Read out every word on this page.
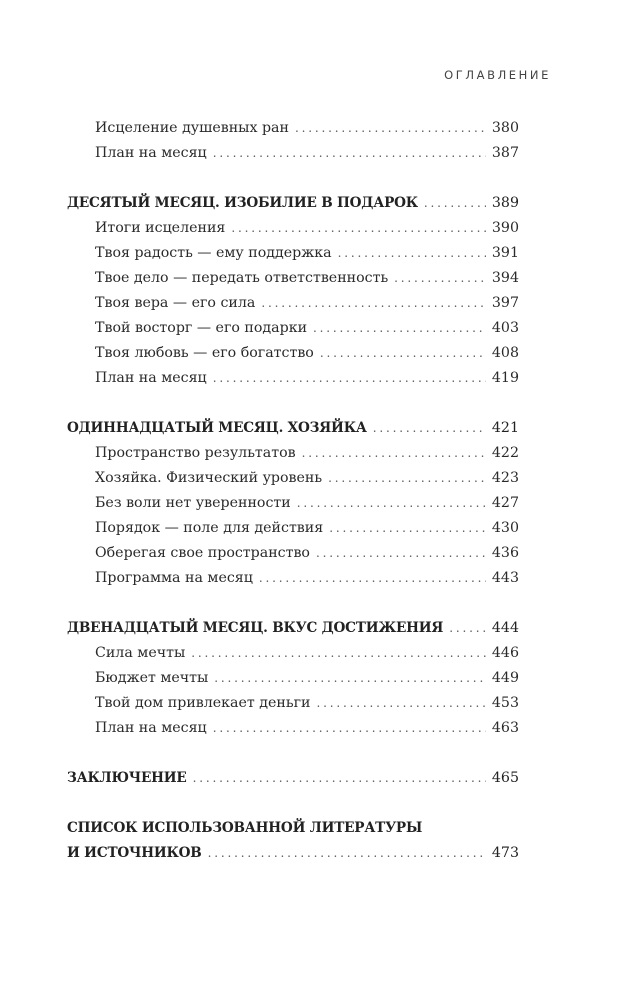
ОГЛАВЛЕНИЕ
Исцеление душевных ран . . .	380
План на месяц . . .	387
ДЕСЯТЫЙ МЕСЯЦ. ИЗОБИЛИЕ В ПОДАРОК . . .	389
Итоги исцеления . . .	390
Твоя радость — ему поддержка . . .	391
Твое дело — передать ответственность . . .	394
Твоя вера — его сила . . .	397
Твой восторг — его подарки . . .	403
Твоя любовь — его богатство . . .	408
План на месяц . . .	419
ОДИННАДЦАТЫЙ МЕСЯЦ. ХОЗЯЙКА . . .	421
Пространство результатов . . .	422
Хозяйка. Физический уровень . . .	423
Без воли нет уверенности . . .	427
Порядок — поле для действия . . .	430
Оберегая свое пространство . . .	436
Программа на месяц . . .	443
ДВЕНАДЦАТЫЙ МЕСЯЦ. ВКУС ДОСТИЖЕНИЯ . . .	444
Сила мечты . . .	446
Бюджет мечты . . .	449
Твой дом привлекает деньги . . .	453
План на месяц . . .	463
ЗАКЛЮЧЕНИЕ . . .	465
СПИСОК ИСПОЛЬЗОВАННОЙ ЛИТЕРАТУРЫ
И ИСТОЧНИКОВ . . .	473
